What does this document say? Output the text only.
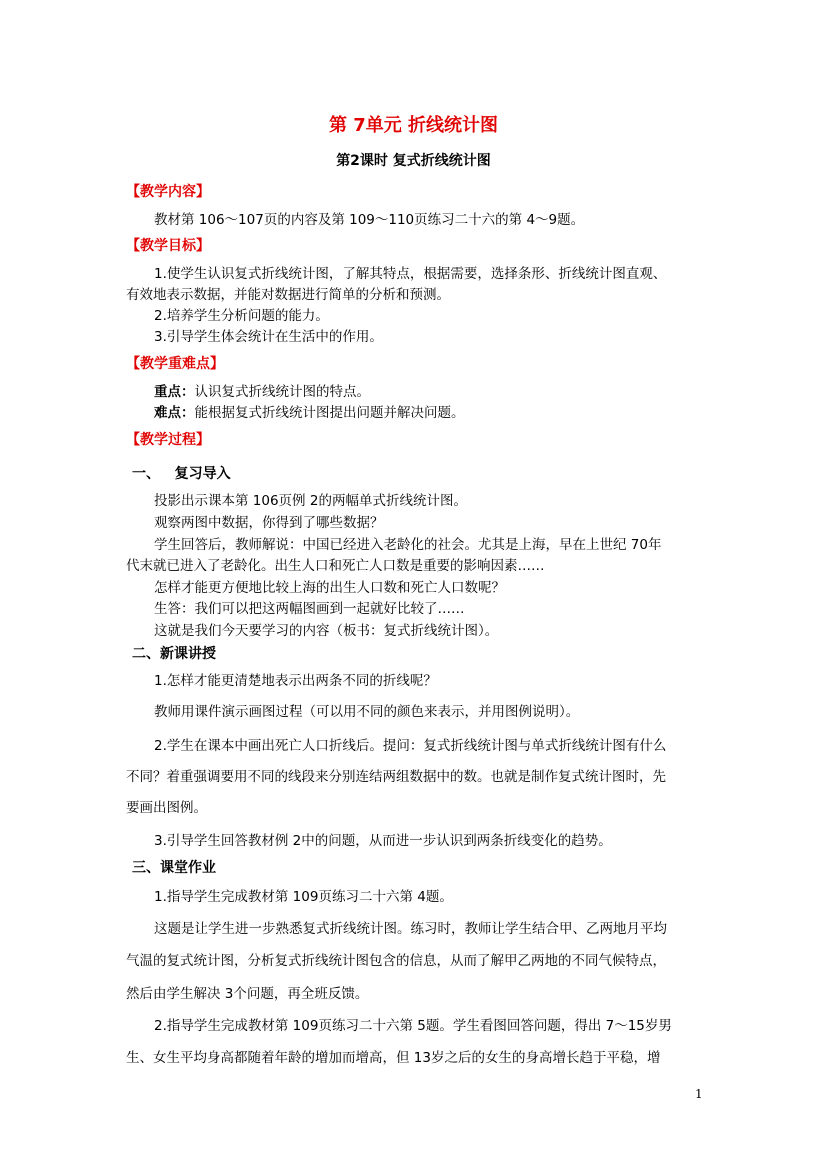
第 7单元 折线统计图
第2课时 复式折线统计图
【教学内容】
教材第 106～107页的内容及第 109～110页练习二十六的第 4～9题。
【教学目标】
1.使学生认识复式折线统计图，了解其特点，根据需要，选择条形、折线统计图直观、
有效地表示数据，并能对数据进行简单的分析和预测。
2.培养学生分析问题的能力。
3.引导学生体会统计在生活中的作用。
【教学重难点】
重点：认识复式折线统计图的特点。
难点：能根据复式折线统计图提出问题并解决问题。
【教学过程】
一、   复习导入
投影出示课本第 106页例 2的两幅单式折线统计图。
观察两图中数据，你得到了哪些数据？
学生回答后，教师解说：中国已经进入老龄化的社会。尤其是上海，早在上世纪 70年
代末就已进入了老龄化。出生人口和死亡人口数是重要的影响因素……
怎样才能更方便地比较上海的出生人口数和死亡人口数呢？
生答：我们可以把这两幅图画到一起就好比较了……
这就是我们今天要学习的内容（板书：复式折线统计图）。
二、新课讲授
1.怎样才能更清楚地表示出两条不同的折线呢？
教师用课件演示画图过程（可以用不同的颜色来表示，并用图例说明）。
2.学生在课本中画出死亡人口折线后。提问：复式折线统计图与单式折线统计图有什么
不同？着重强调要用不同的线段来分别连结两组数据中的数。也就是制作复式统计图时，先
要画出图例。
3.引导学生回答教材例 2中的问题，从而进一步认识到两条折线变化的趋势。
三、课堂作业
1.指导学生完成教材第 109页练习二十六第 4题。
这题是让学生进一步熟悉复式折线统计图。练习时，教师让学生结合甲、乙两地月平均
气温的复式统计图，分析复式折线统计图包含的信息，从而了解甲乙两地的不同气候特点，
然后由学生解决 3个问题，再全班反馈。
2.指导学生完成教材第 109页练习二十六第 5题。学生看图回答问题，得出 7～15岁男
生、女生平均身高都随着年龄的增加而增高，但 13岁之后的女生的身高增长趋于平稳，增
1
